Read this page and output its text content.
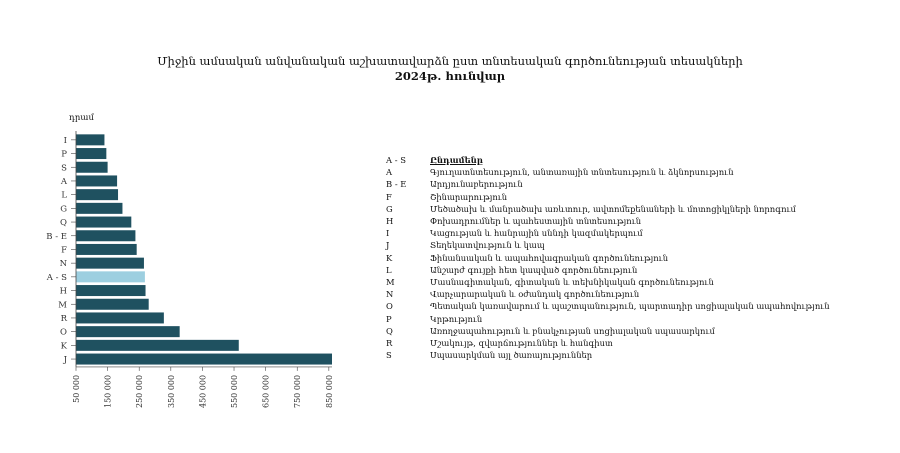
Միջին ամսական անվանական աշխատավարձն ըստ տնտեսական գործունեության տեսակների
2024թ. հունվար
դրամ
I
P
S
A
L
G
Q
B - E
F
N
A - S
H
M
R
O
K
J
50 000	150 000	250 000	350 000	450 000	550 000	650 000	750 000	850 000
A - S	Ընդամենը
A	Գյուղատնտեսություն, անտառային տնտեսություն և ձկնորսություն
B - E	Արդյունաբերություն
F	Շինարարություն
G	Մեծածախ և մանրածախ առևտուր, ավտոմեքենաների և մոտոցիկլների նորոգում
H	Փոխադրումներ և պահեստային տնտեսություն
I	Կացության և հանրային սննդի կազմակերպում
J	Տեղեկատվություն և կապ
K	Ֆինանսական և ապահովագրական գործունեություն
L	Անշարժ գույքի հետ կապված գործունեություն
M	Մասնագիտական, գիտական և տեխնիկական գործունեություն
N	Վարչարարական և օժանդակ գործունեություն
O	Պետական կառավարում և պաշտպանություն, պարտադիր սոցիալական ապահովություն
P	Կրթություն
Q	Առողջապահություն և բնակչության սոցիալական սպասարկում
R	Մշակույթ, զվարճություններ և հանգիստ
S	Սպասարկման այլ ծառայություններ
